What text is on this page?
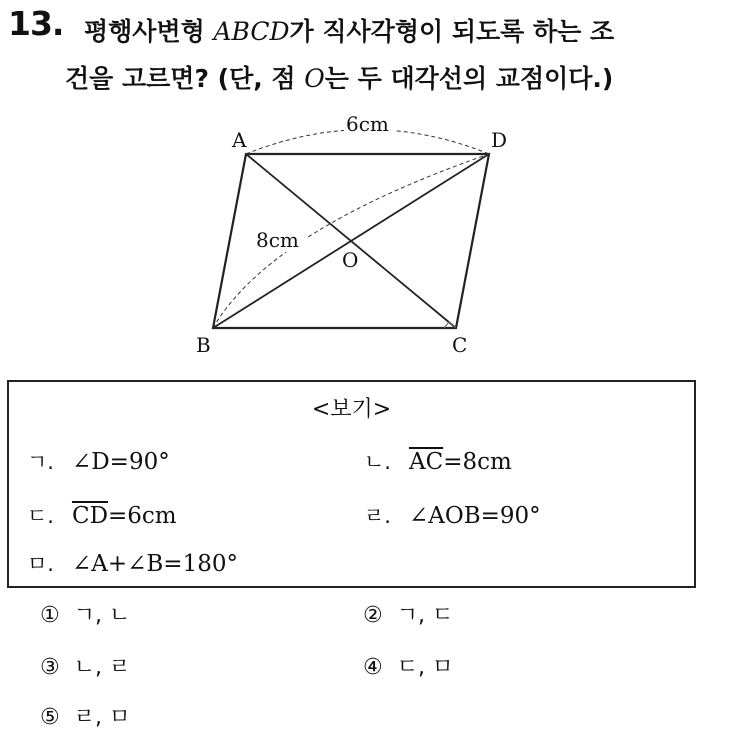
13. 평행사변형 ABCD가 직사각형이 되도록 하는 조
건을 고르면? (단, 점 O는 두 대각선의 교점이다.)
A	D
B	C
O
6cm
8cm
<보기>
ㄱ. ∠D=90°	ㄴ. $\overline{AC}=8cm$
ㄷ. $\overline{CD}=6cm$	ㄹ. ∠AOB=90°
ㅁ. ∠A+∠B=180°
① ㄱ, ㄴ	② ㄱ, ㄷ
③ ㄴ, ㄹ	④ ㄷ, ㅁ
⑤ ㄹ, ㅁ
